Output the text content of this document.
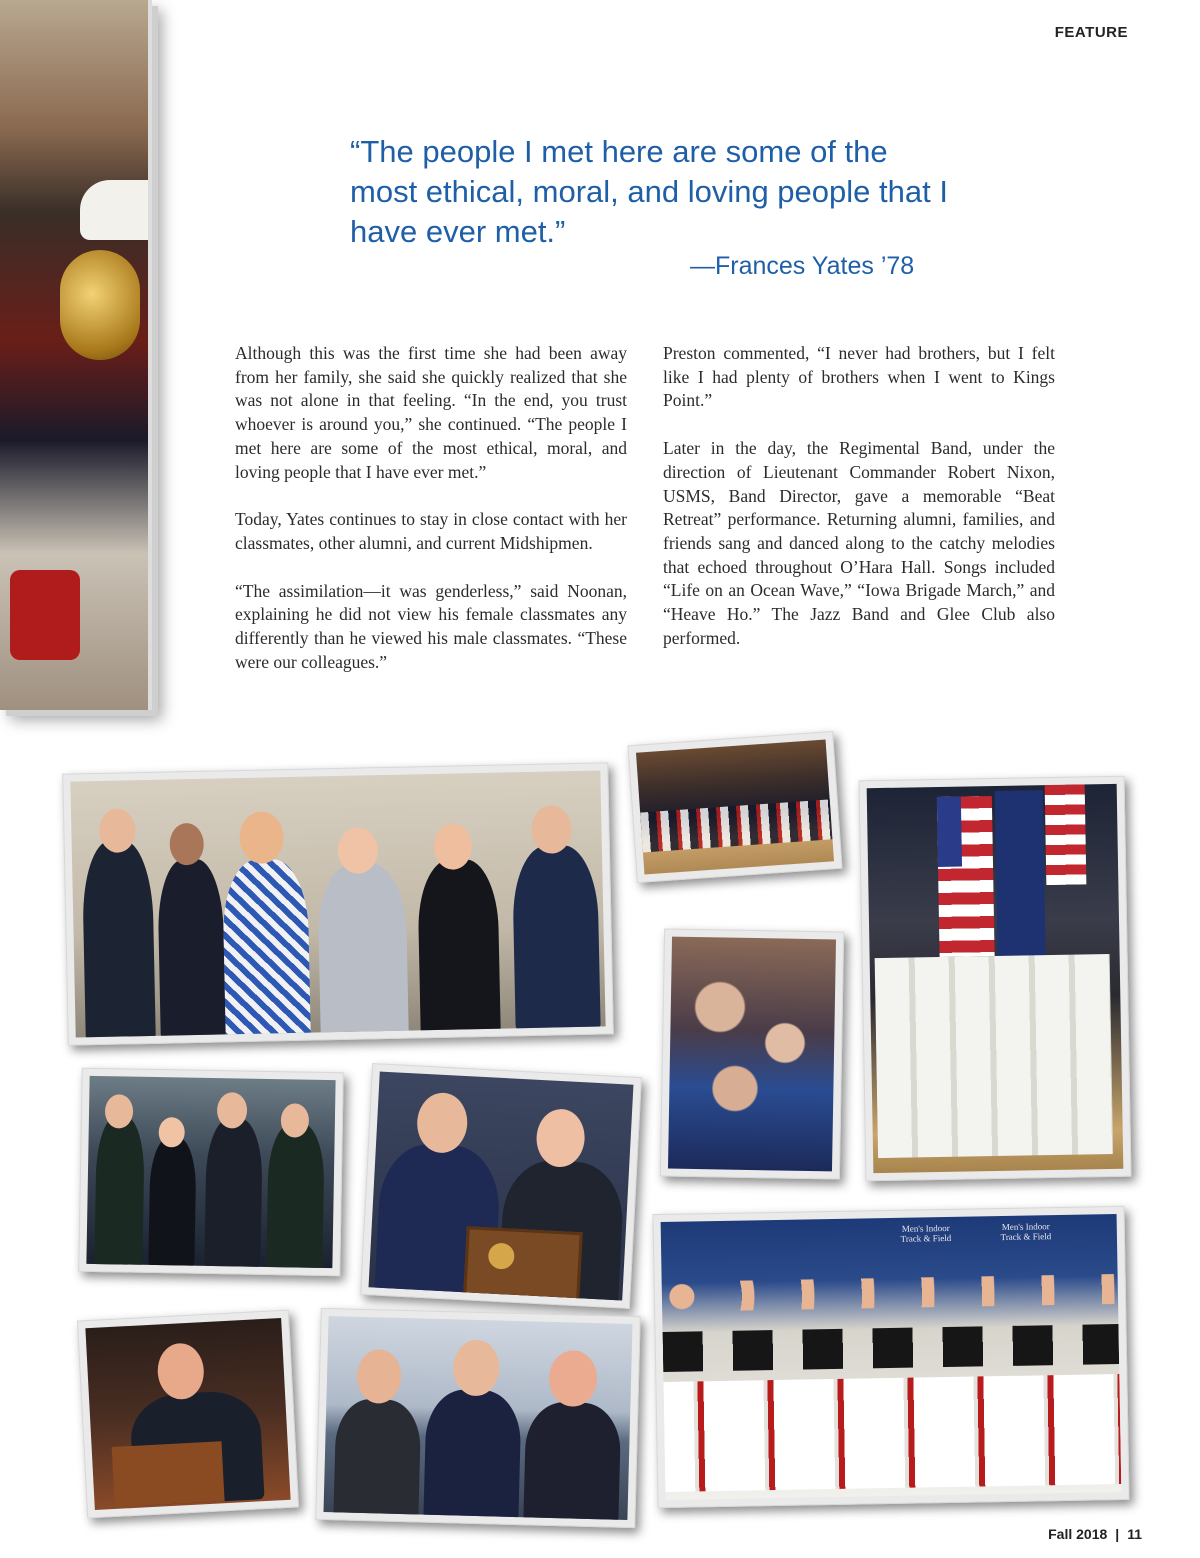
FEATURE
“The people I met here are some of the most ethical, moral, and loving people that I have ever met.”
—Frances Yates ’78

Although this was the first time she had been away from her family, she said she quickly realized that she was not alone in that feeling. “In the end, you trust whoever is around you,” she continued. “The people I met here are some of the most ethical, moral, and loving people that I have ever met.”

Today, Yates continues to stay in close contact with her classmates, other alumni, and current Midshipmen.

“The assimilation—it was genderless,” said Noonan, explaining he did not view his female classmates any differently than he viewed his male classmates. “These were our colleagues.”

Preston commented, “I never had brothers, but I felt like I had plenty of brothers when I went to Kings Point.”

Later in the day, the Regimental Band, under the direction of Lieutenant Commander Robert Nixon, USMS, Band Director, gave a memorable “Beat Retreat” performance. Returning alumni, families, and friends sang and danced along to the catchy melodies that echoed throughout O’Hara Hall. Songs included “Life on an Ocean Wave,” “Iowa Brigade March,” and “Heave Ho.” The Jazz Band and Glee Club also performed.

Men's Indoor Track & Field
Men's Indoor Track & Field
Fall 2018 | 11
